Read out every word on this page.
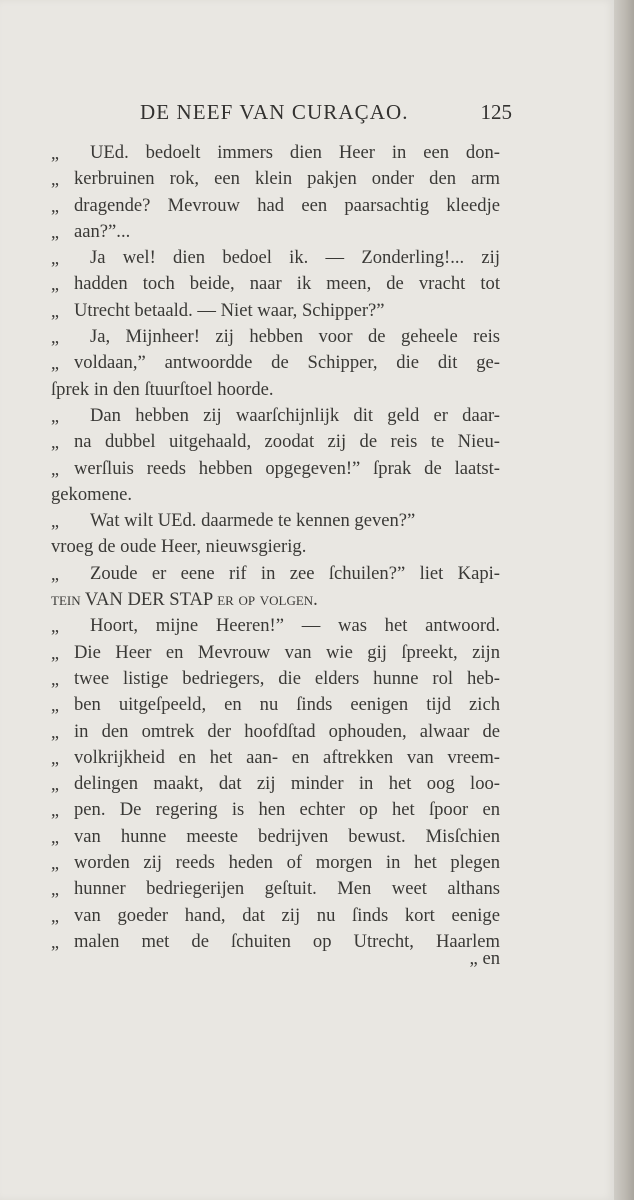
DE NEEF VAN CURAÇAO.	125
„ UEd. bedoelt immers dien Heer in een don-
„ kerbruinen rok, een klein pakjen onder den arm
„ dragende? Mevrouw had een paarsachtig kleedje
„ aan?”...
„ Ja wel! dien bedoel ik. — Zonderling!... zij
„ hadden toch beide, naar ik meen, de vracht tot
„ Utrecht betaald. — Niet waar, Schipper?”
„ Ja, Mijnheer! zij hebben voor de geheele reis
„ voldaan,” antwoordde de Schipper, die dit ge-
ſprek in den ſtuurſtoel hoorde.
„ Dan hebben zij waarſchijnlijk dit geld er daar-
„ na dubbel uitgehaald, zoodat zij de reis te Nieu-
„ werſluis reeds hebben opgegeven!” ſprak de laatst-
gekomene.
„ Wat wilt UEd. daarmede te kennen geven?”
vroeg de oude Heer, nieuwsgierig.
„ Zoude er eene rif in zee ſchuilen?” liet Kapi-
tein VAN DER STAP er op volgen.
„ Hoort, mijne Heeren!” — was het antwoord.
„ Die Heer en Mevrouw van wie gij ſpreekt, zijn
„ twee listige bedriegers, die elders hunne rol heb-
„ ben uitgeſpeeld, en nu ſinds eenigen tijd zich
„ in den omtrek der hoofdſtad ophouden, alwaar de
„ volkrijkheid en het aan- en aftrekken van vreem-
„ delingen maakt, dat zij minder in het oog loo-
„ pen. De regering is hen echter op het ſpoor en
„ van hunne meeste bedrijven bewust. Misſchien
„ worden zij reeds heden of morgen in het plegen
„ hunner bedriegerijen geſtuit. Men weet althans
„ van goeder hand, dat zij nu ſinds kort eenige
„ malen met de ſchuiten op Utrecht, Haarlem
„ en
